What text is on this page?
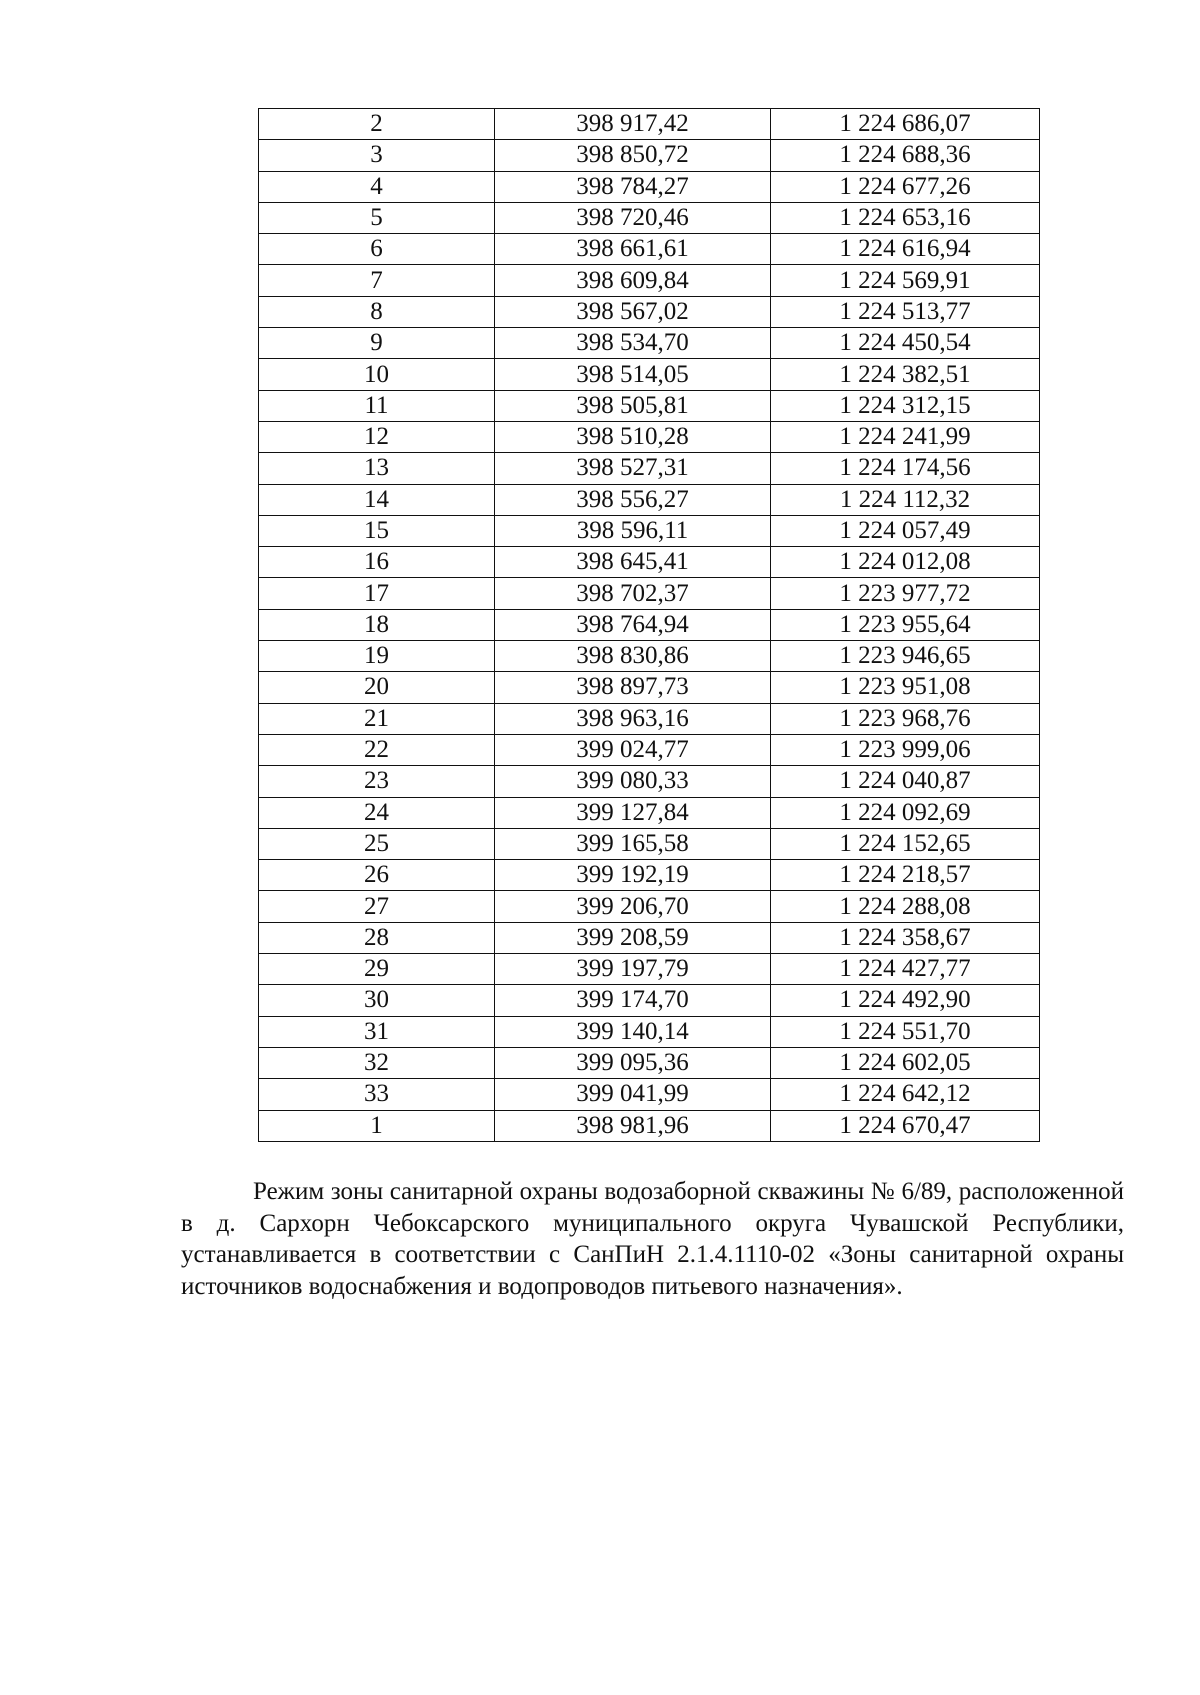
2	398 917,42	1 224 686,07
3	398 850,72	1 224 688,36
4	398 784,27	1 224 677,26
5	398 720,46	1 224 653,16
6	398 661,61	1 224 616,94
7	398 609,84	1 224 569,91
8	398 567,02	1 224 513,77
9	398 534,70	1 224 450,54
10	398 514,05	1 224 382,51
11	398 505,81	1 224 312,15
12	398 510,28	1 224 241,99
13	398 527,31	1 224 174,56
14	398 556,27	1 224 112,32
15	398 596,11	1 224 057,49
16	398 645,41	1 224 012,08
17	398 702,37	1 223 977,72
18	398 764,94	1 223 955,64
19	398 830,86	1 223 946,65
20	398 897,73	1 223 951,08
21	398 963,16	1 223 968,76
22	399 024,77	1 223 999,06
23	399 080,33	1 224 040,87
24	399 127,84	1 224 092,69
25	399 165,58	1 224 152,65
26	399 192,19	1 224 218,57
27	399 206,70	1 224 288,08
28	399 208,59	1 224 358,67
29	399 197,79	1 224 427,77
30	399 174,70	1 224 492,90
31	399 140,14	1 224 551,70
32	399 095,36	1 224 602,05
33	399 041,99	1 224 642,12
1	398 981,96	1 224 670,47

Режим зоны санитарной охраны водозаборной скважины № 6/89, расположенной в д. Сархорн Чебоксарского муниципального округа Чувашской Республики, устанавливается в соответствии с СанПиН 2.1.4.1110-02 «Зоны санитарной охраны источников водоснабжения и водопроводов питьевого назначения».
